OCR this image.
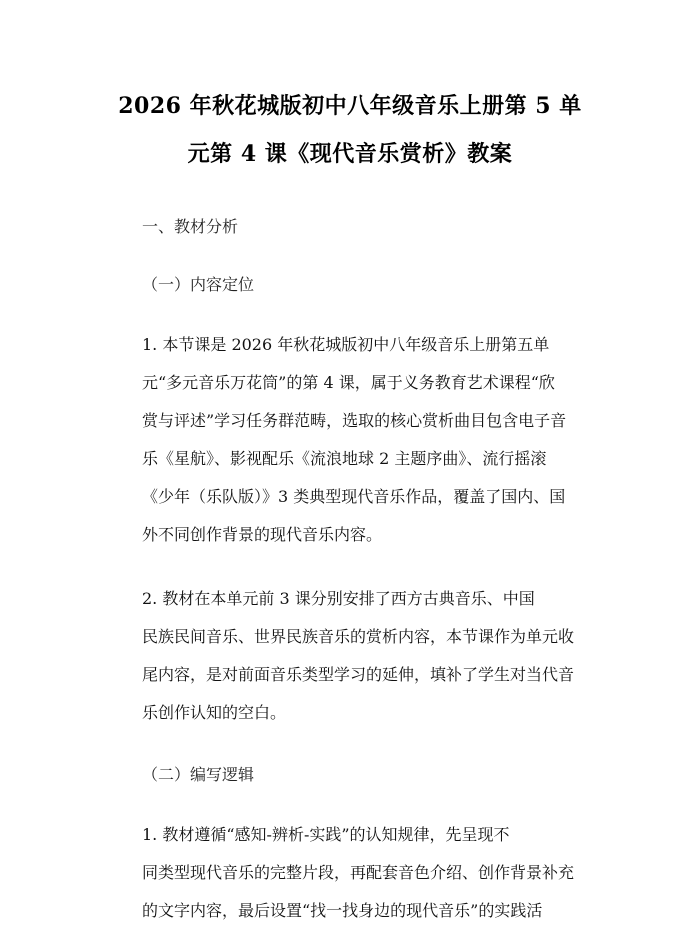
2026 年秋花城版初中八年级音乐上册第 5 单
元第 4 课《现代音乐赏析》教案
一、教材分析
（一）内容定位

1. 本节课是 2026 年秋花城版初中八年级音乐上册第五单
元“多元音乐万花筒”的第 4 课，属于义务教育艺术课程“欣
赏与评述”学习任务群范畴，选取的核心赏析曲目包含电子音
乐《星航》、影视配乐《流浪地球 2 主题序曲》、流行摇滚
《少年（乐队版）》3 类典型现代音乐作品，覆盖了国内、国
外不同创作背景的现代音乐内容。

2. 教材在本单元前 3 课分别安排了西方古典音乐、中国
民族民间音乐、世界民族音乐的赏析内容，本节课作为单元收
尾内容，是对前面音乐类型学习的延伸，填补了学生对当代音
乐创作认知的空白。

（二）编写逻辑

1. 教材遵循“感知-辨析-实践”的认知规律，先呈现不
同类型现代音乐的完整片段，再配套音色介绍、创作背景补充
的文字内容，最后设置“找一找身边的现代音乐”的实践活
